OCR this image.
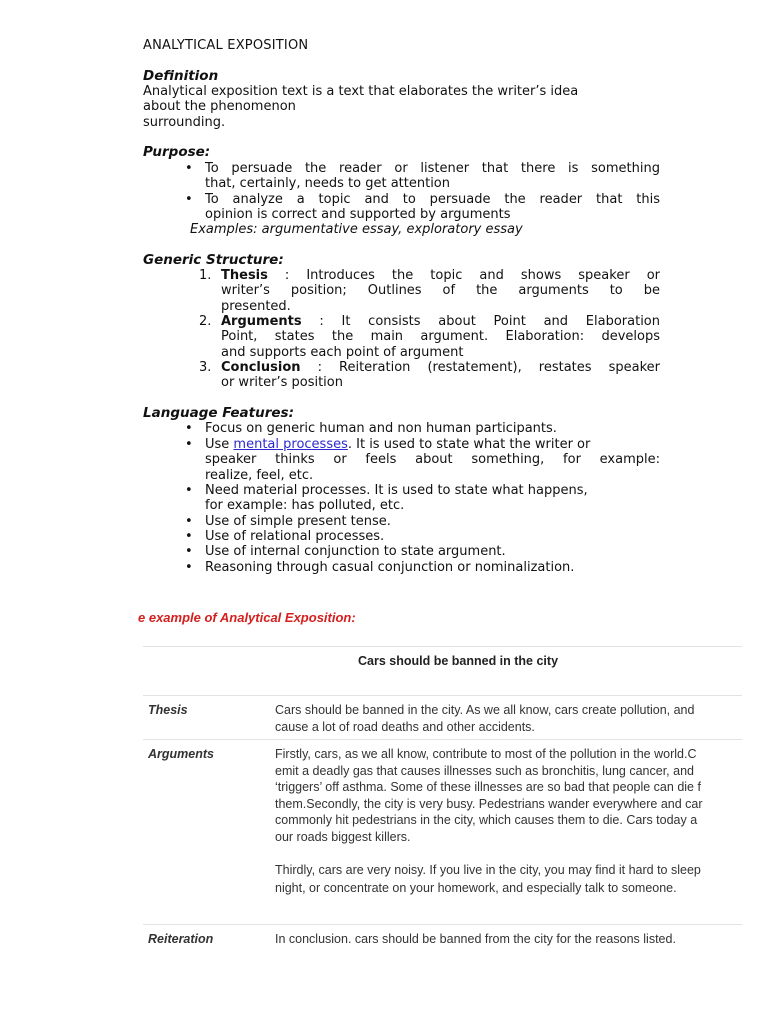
ANALYTICAL EXPOSITION
Definition
Analytical exposition text is a text that elaborates the writer’s idea
about the phenomenon
surrounding.
Purpose:
• To persuade the reader or listener that there is something
that, certainly, needs to get attention
• To analyze a topic and to persuade the reader that this
opinion is correct and supported by arguments
Examples: argumentative essay, exploratory essay
Generic Structure:
1. Thesis : Introduces the topic and shows speaker or
writer’s position; Outlines of the arguments to be
presented.
2. Arguments : It consists about Point and Elaboration
Point, states the main argument. Elaboration: develops
and supports each point of argument
3. Conclusion : Reiteration (restatement), restates speaker
or writer’s position
Language Features:
• Focus on generic human and non human participants.
• Use mental processes. It is used to state what the writer or
speaker thinks or feels about something, for example:
realize, feel, etc.
• Need material processes. It is used to state what happens,
for example: has polluted, etc.
• Use of simple present tense.
• Use of relational processes.
• Use of internal conjunction to state argument.
• Reasoning through casual conjunction or nominalization.
e example of Analytical Exposition:
Cars should be banned in the city
Thesis	Cars should be banned in the city. As we all know, cars create pollution, and
cause a lot of road deaths and other accidents.
Arguments	Firstly, cars, as we all know, contribute to most of the pollution in the world.C
emit a deadly gas that causes illnesses such as bronchitis, lung cancer, and
‘triggers’ off asthma. Some of these illnesses are so bad that people can die f
them.Secondly, the city is very busy. Pedestrians wander everywhere and car
commonly hit pedestrians in the city, which causes them to die. Cars today a
our roads biggest killers.
Thirdly, cars are very noisy. If you live in the city, you may find it hard to sleep
night, or concentrate on your homework, and especially talk to someone.
Reiteration	In conclusion. cars should be banned from the city for the reasons listed.
